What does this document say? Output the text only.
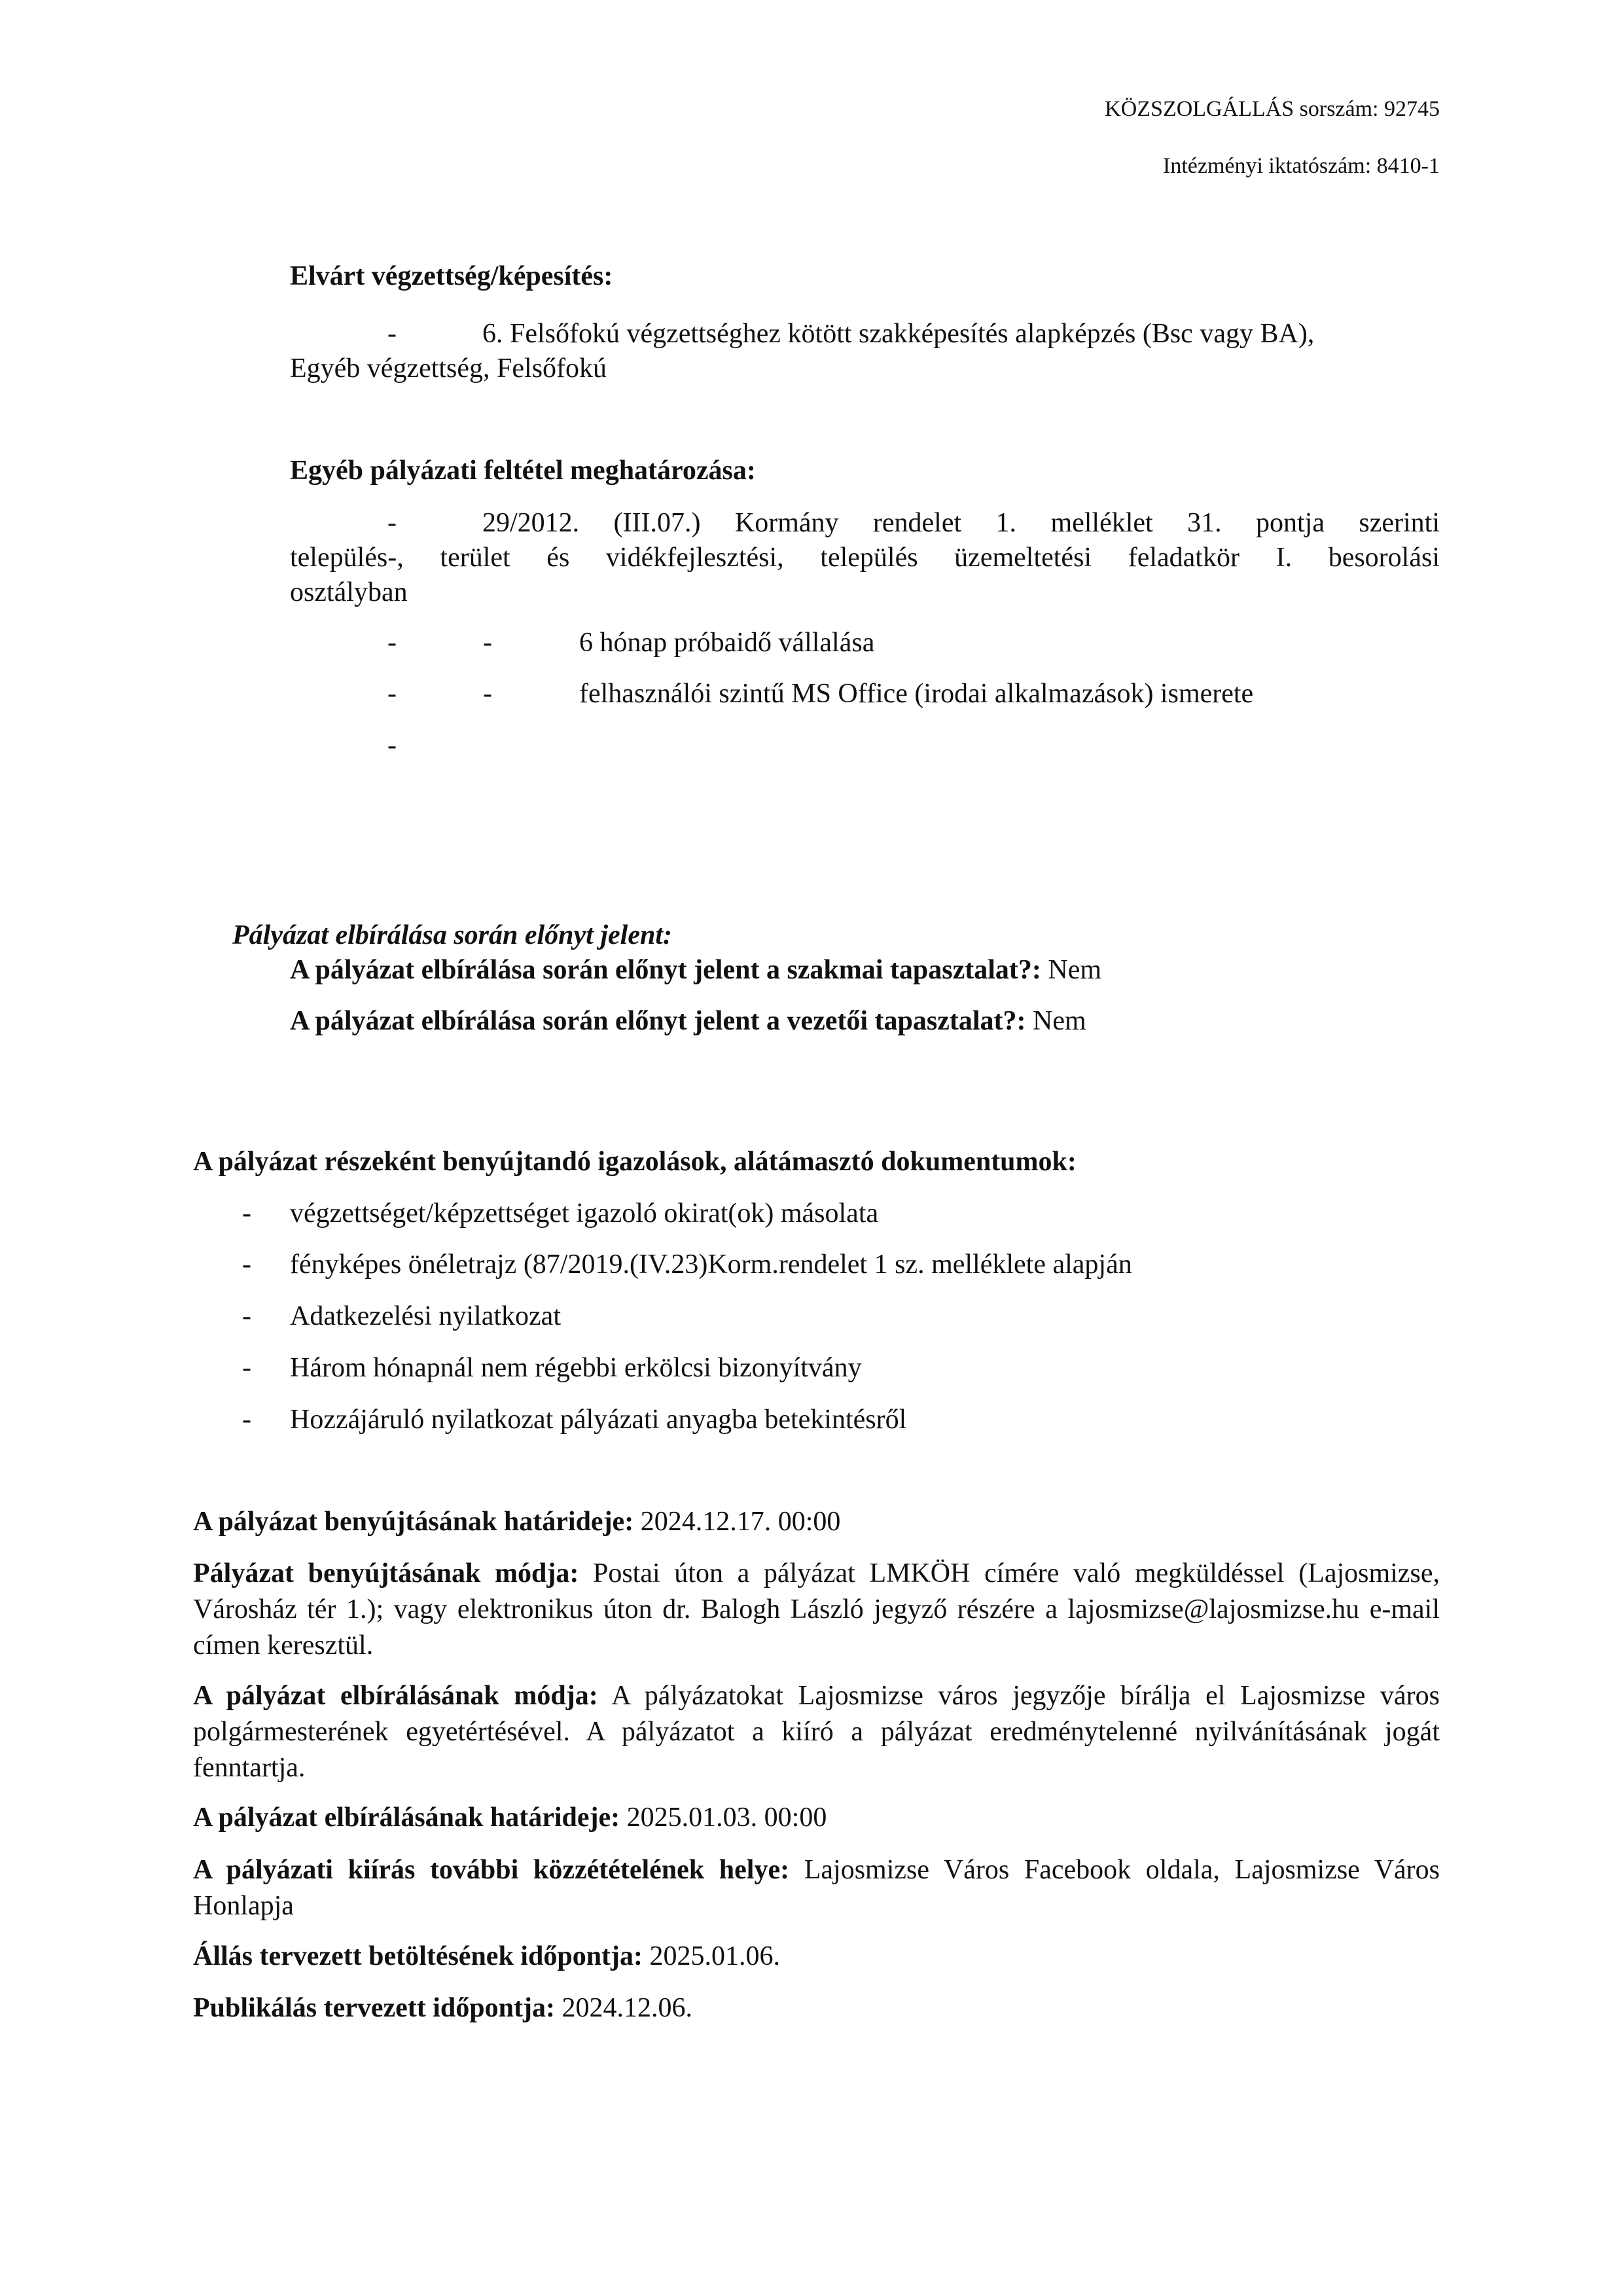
KÖZSZOLGÁLLÁS sorszám: 92745
Intézményi iktatószám: 8410-1
Elvárt végzettség/képesítés:
-	6. Felsőfokú végzettséghez kötött szakképesítés alapképzés (Bsc vagy BA),
Egyéb végzettség, Felsőfokú
Egyéb pályázati feltétel meghatározása:
-	29/2012. (III.07.) Kormány rendelet 1. melléklet 31. pontja szerinti
település-, terület és vidékfejlesztési, település üzemeltetési feladatkör I. besorolási
osztályban
-	-	6 hónap próbaidő vállalása
-	-	felhasználói szintű MS Office (irodai alkalmazások) ismerete
-
Pályázat elbírálása során előnyt jelent:
A pályázat elbírálása során előnyt jelent a szakmai tapasztalat?: Nem
A pályázat elbírálása során előnyt jelent a vezetői tapasztalat?: Nem
A pályázat részeként benyújtandó igazolások, alátámasztó dokumentumok:
- végzettséget/képzettséget igazoló okirat(ok) másolata
- fényképes önéletrajz (87/2019.(IV.23)Korm.rendelet 1 sz. melléklete alapján
- Adatkezelési nyilatkozat
- Három hónapnál nem régebbi erkölcsi bizonyítvány
- Hozzájáruló nyilatkozat pályázati anyagba betekintésről
A pályázat benyújtásának határideje: 2024.12.17. 00:00
Pályázat benyújtásának módja: Postai úton a pályázat LMKÖH címére való megküldéssel (Lajosmizse, Városház tér 1.); vagy elektronikus úton dr. Balogh László jegyző részére a lajosmizse@lajosmizse.hu e-mail címen keresztül.
A pályázat elbírálásának módja: A pályázatokat Lajosmizse város jegyzője bírálja el Lajosmizse város polgármesterének egyetértésével. A pályázatot a kiíró a pályázat eredménytelenné nyilvánításának jogát fenntartja.
A pályázat elbírálásának határideje: 2025.01.03. 00:00
A pályázati kiírás további közzétételének helye: Lajosmizse Város Facebook oldala, Lajosmizse Város Honlapja
Állás tervezett betöltésének időpontja: 2025.01.06.
Publikálás tervezett időpontja: 2024.12.06.
